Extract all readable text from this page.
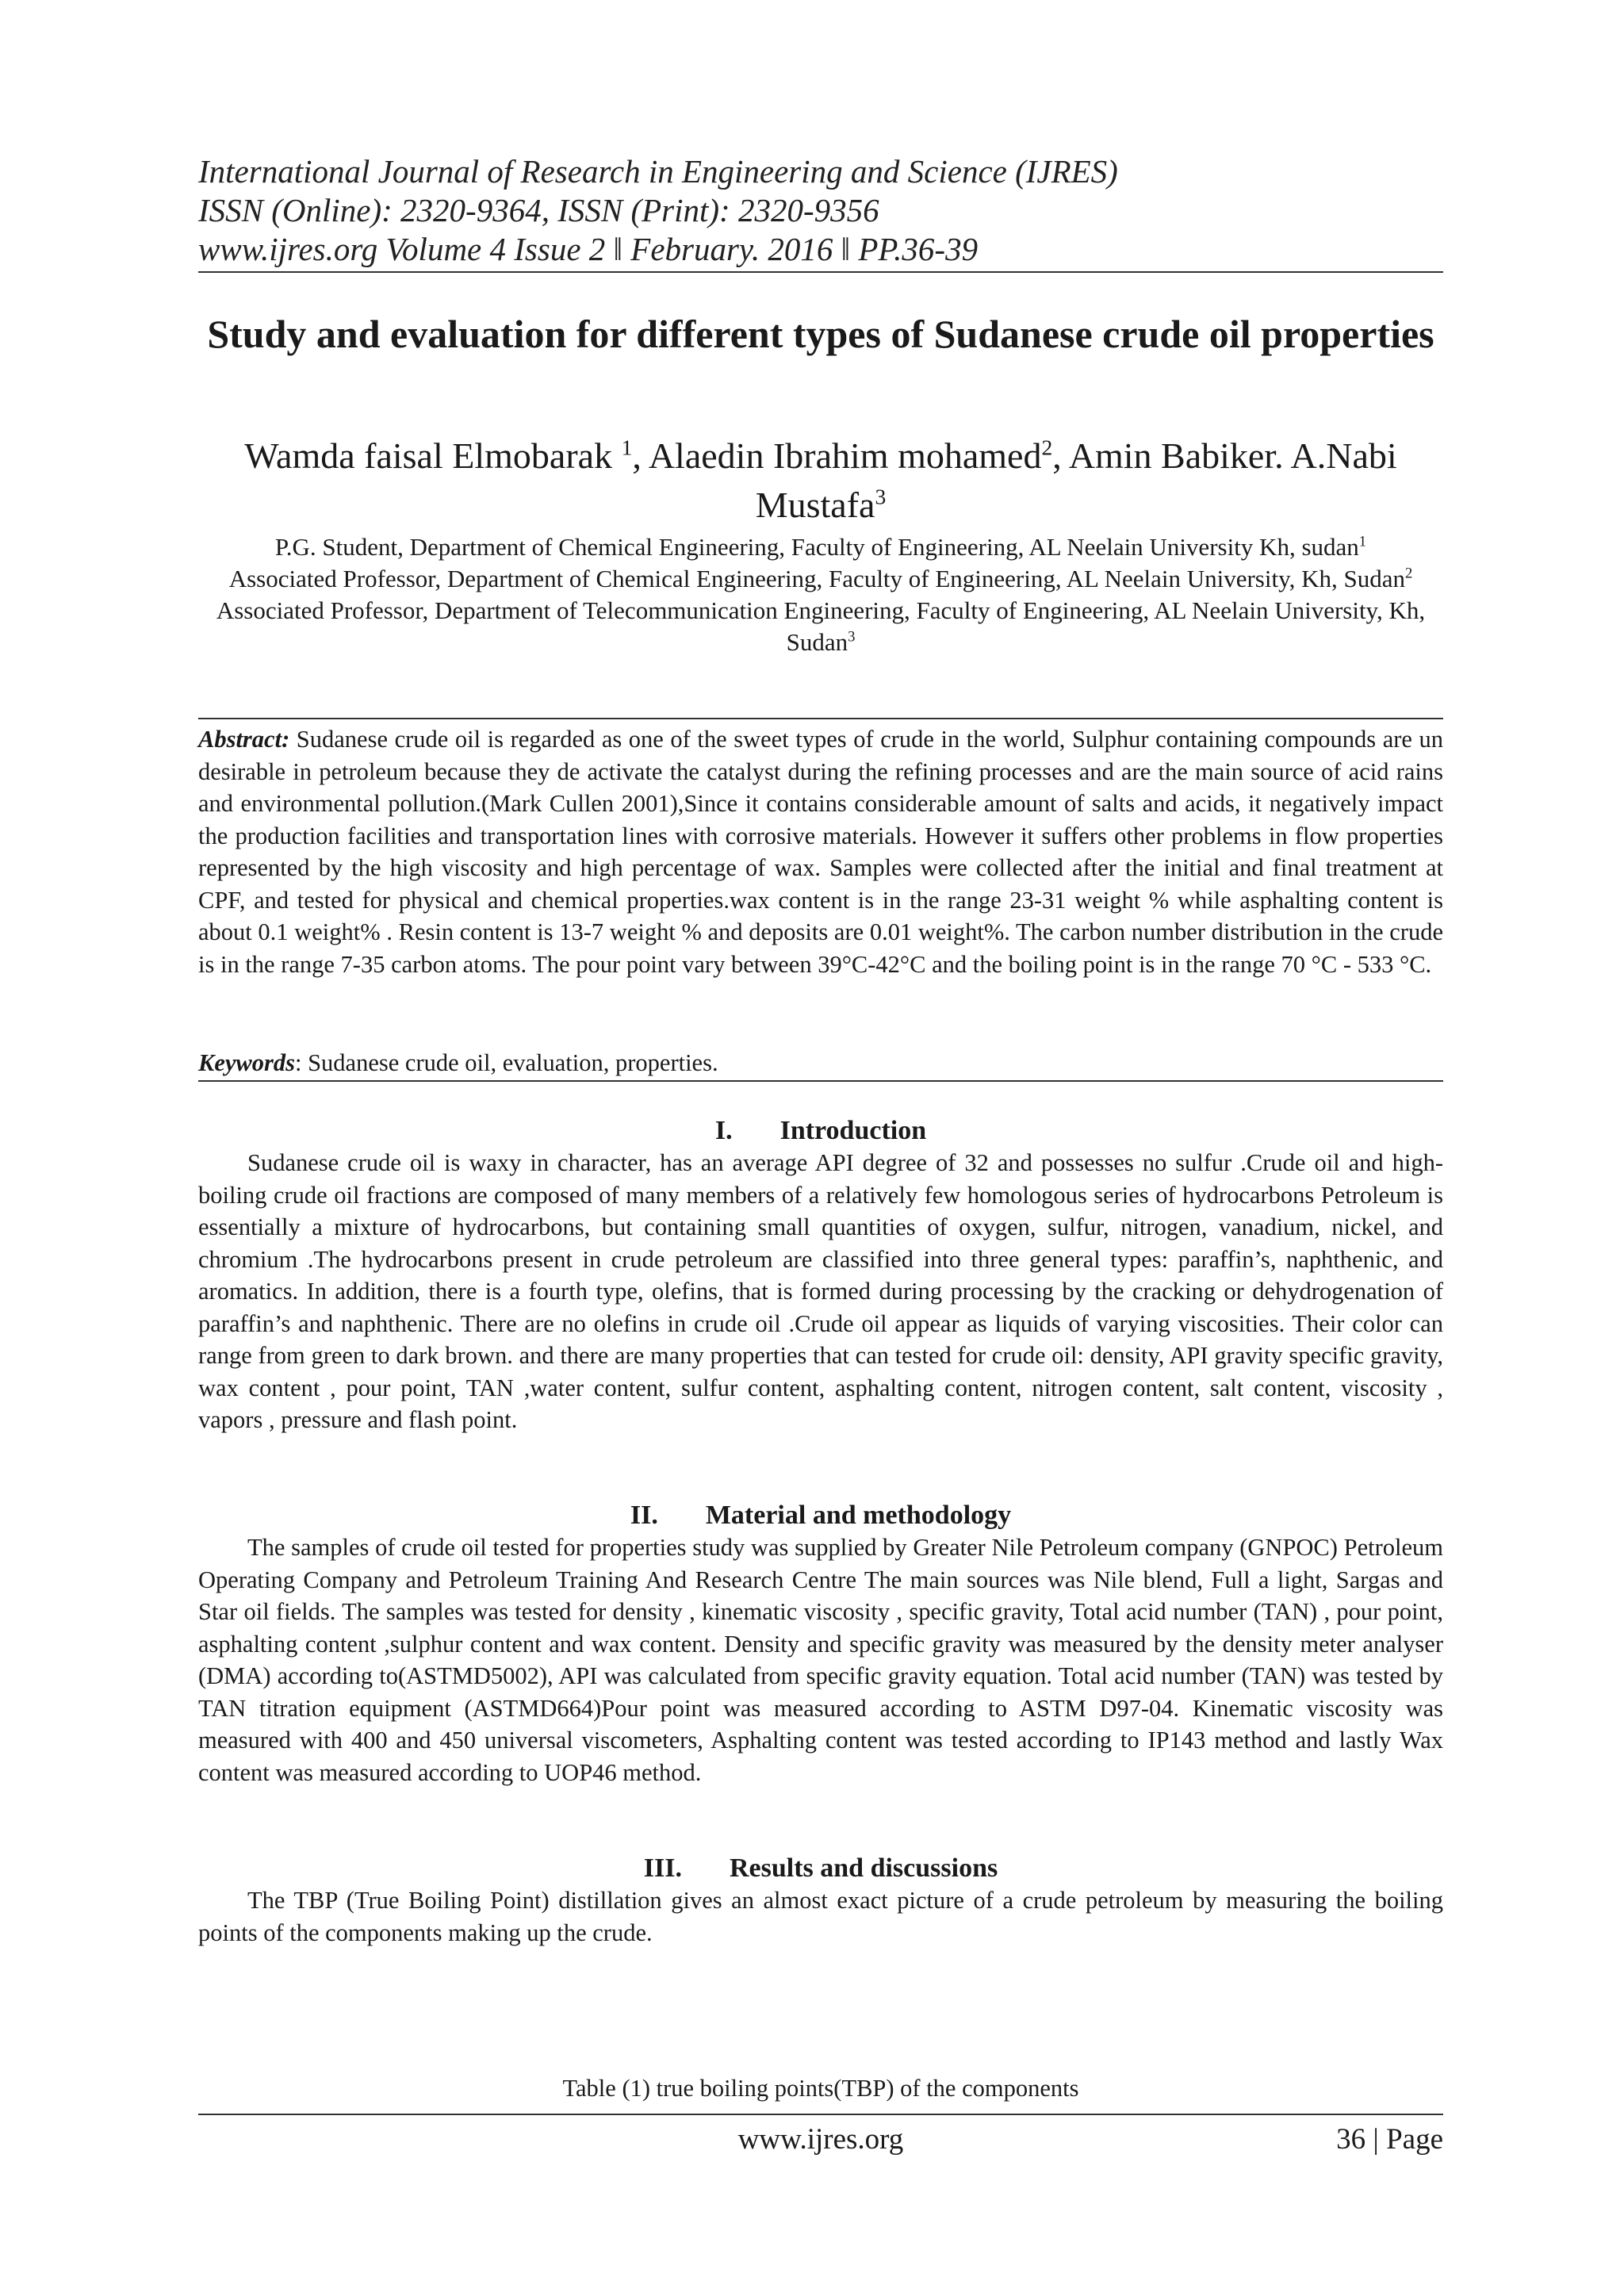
International Journal of Research in Engineering and Science (IJRES)
ISSN (Online): 2320-9364, ISSN (Print): 2320-9356
www.ijres.org Volume 4 Issue 2 ǁ February. 2016 ǁ PP.36-39
Study and evaluation for different types of Sudanese crude oil properties
Wamda faisal Elmobarak $^1$, Alaedin Ibrahim mohamed$^2$, Amin Babiker. A.Nabi Mustafa$^3$
P.G. Student, Department of Chemical Engineering, Faculty of Engineering, AL Neelain University Kh, sudan$^1$
Associated Professor, Department of Chemical Engineering, Faculty of Engineering, AL Neelain University, Kh, Sudan$^2$
Associated Professor, Department of Telecommunication Engineering, Faculty of Engineering, AL Neelain University, Kh, Sudan$^3$
Abstract: Sudanese crude oil is regarded as one of the sweet types of crude in the world, Sulphur containing compounds are un desirable in petroleum because they de activate the catalyst during the refining processes and are the main source of acid rains and environmental pollution.(Mark Cullen 2001),Since it contains considerable amount of salts and acids, it negatively impact the production facilities and transportation lines with corrosive materials. However it suffers other problems in flow properties represented by the high viscosity and high percentage of wax. Samples were collected after the initial and final treatment at CPF, and tested for physical and chemical properties.wax content is in the range 23-31 weight % while asphalting content is about 0.1 weight% . Resin content is 13-7 weight % and deposits are 0.01 weight%. The carbon number distribution in the crude is in the range 7-35 carbon atoms. The pour point vary between 39°C-42°C and the boiling point is in the range 70 °C - 533 °C.
Keywords: Sudanese crude oil, evaluation, properties.
I. Introduction
Sudanese crude oil is waxy in character, has an average API degree of 32 and possesses no sulfur .Crude oil and high-boiling crude oil fractions are composed of many members of a relatively few homologous series of hydrocarbons Petroleum is essentially a mixture of hydrocarbons, but containing small quantities of oxygen, sulfur, nitrogen, vanadium, nickel, and chromium .The hydrocarbons present in crude petroleum are classified into three general types: paraffin’s, naphthenic, and aromatics. In addition, there is a fourth type, olefins, that is formed during processing by the cracking or dehydrogenation of paraffin’s and naphthenic. There are no olefins in crude oil .Crude oil appear as liquids of varying viscosities. Their color can range from green to dark brown. and there are many properties that can tested for crude oil: density, API gravity specific gravity, wax content , pour point, TAN ,water content, sulfur content, asphalting content, nitrogen content, salt content, viscosity , vapors , pressure and flash point.
II. Material and methodology
The samples of crude oil tested for properties study was supplied by Greater Nile Petroleum company (GNPOC) Petroleum Operating Company and Petroleum Training And Research Centre The main sources was Nile blend, Full a light, Sargas and Star oil fields. The samples was tested for density , kinematic viscosity , specific gravity, Total acid number (TAN) , pour point, asphalting content ,sulphur content and wax content. Density and specific gravity was measured by the density meter analyser (DMA) according to(ASTMD5002), API was calculated from specific gravity equation. Total acid number (TAN) was tested by TAN titration equipment (ASTMD664)Pour point was measured according to ASTM D97-04. Kinematic viscosity was measured with 400 and 450 universal viscometers, Asphalting content was tested according to IP143 method and lastly Wax content was measured according to UOP46 method.
III. Results and discussions
The TBP (True Boiling Point) distillation gives an almost exact picture of a crude petroleum by measuring the boiling points of the components making up the crude.
Table (1) true boiling points(TBP) of the components
www.ijres.org	36 | Page
